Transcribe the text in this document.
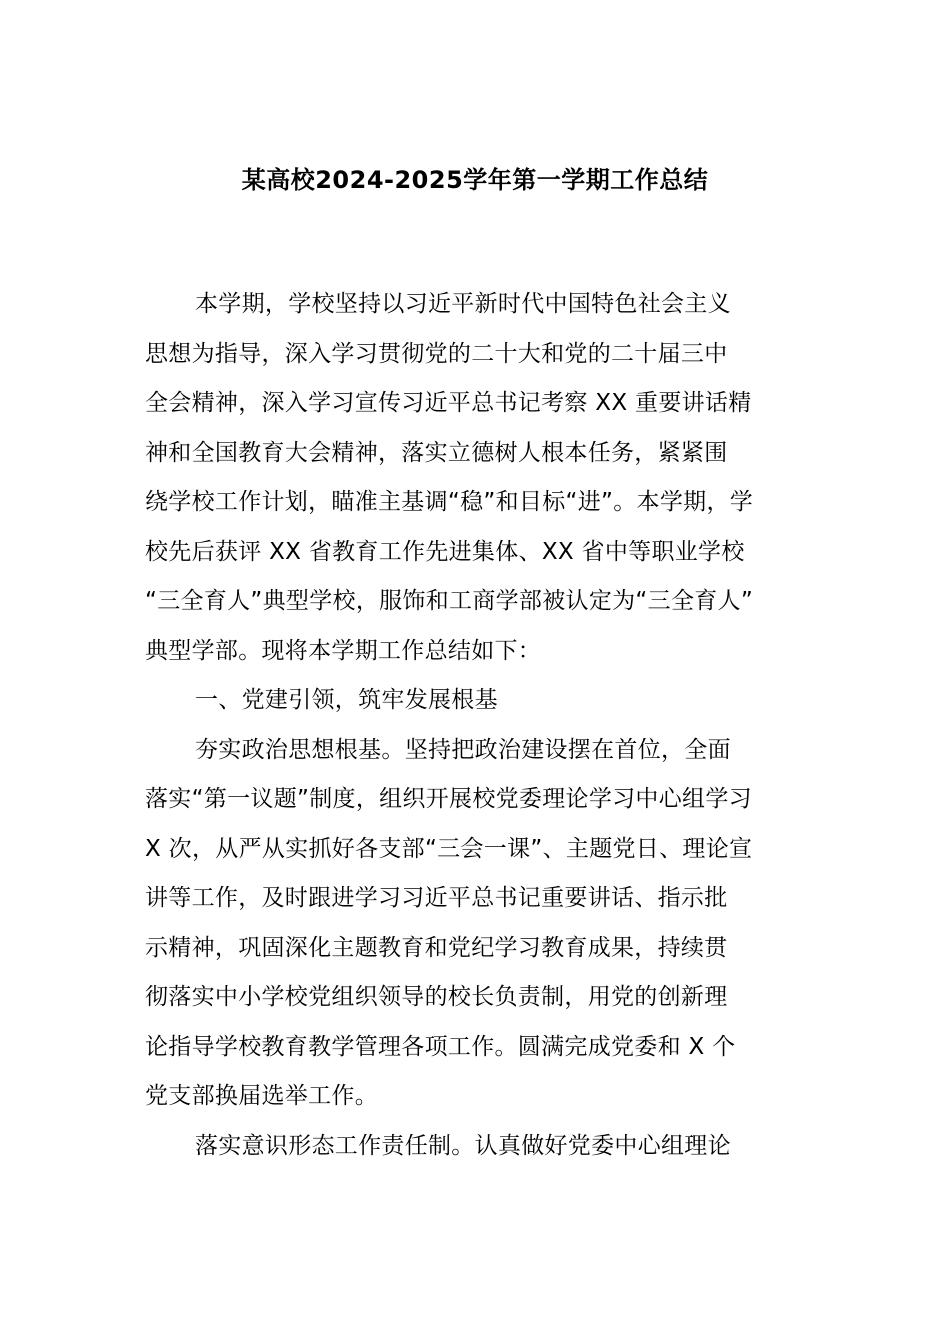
某高校2024-2025学年第一学期工作总结
本学期，学校坚持以习近平新时代中国特色社会主义
思想为指导，深入学习贯彻党的二十大和党的二十届三中
全会精神，深入学习宣传习近平总书记考察 XX 重要讲话精
神和全国教育大会精神，落实立德树人根本任务，紧紧围
绕学校工作计划，瞄准主基调“稳”和目标“进”。本学期，学
校先后获评 XX 省教育工作先进集体、XX 省中等职业学校
“三全育人”典型学校，服饰和工商学部被认定为“三全育人”
典型学部。现将本学期工作总结如下：
一、党建引领，筑牢发展根基
夯实政治思想根基。坚持把政治建设摆在首位，全面
落实“第一议题”制度，组织开展校党委理论学习中心组学习
X 次，从严从实抓好各支部“三会一课”、主题党日、理论宣
讲等工作，及时跟进学习习近平总书记重要讲话、指示批
示精神，巩固深化主题教育和党纪学习教育成果，持续贯
彻落实中小学校党组织领导的校长负责制，用党的创新理
论指导学校教育教学管理各项工作。圆满完成党委和 X 个
党支部换届选举工作。
落实意识形态工作责任制。认真做好党委中心组理论
